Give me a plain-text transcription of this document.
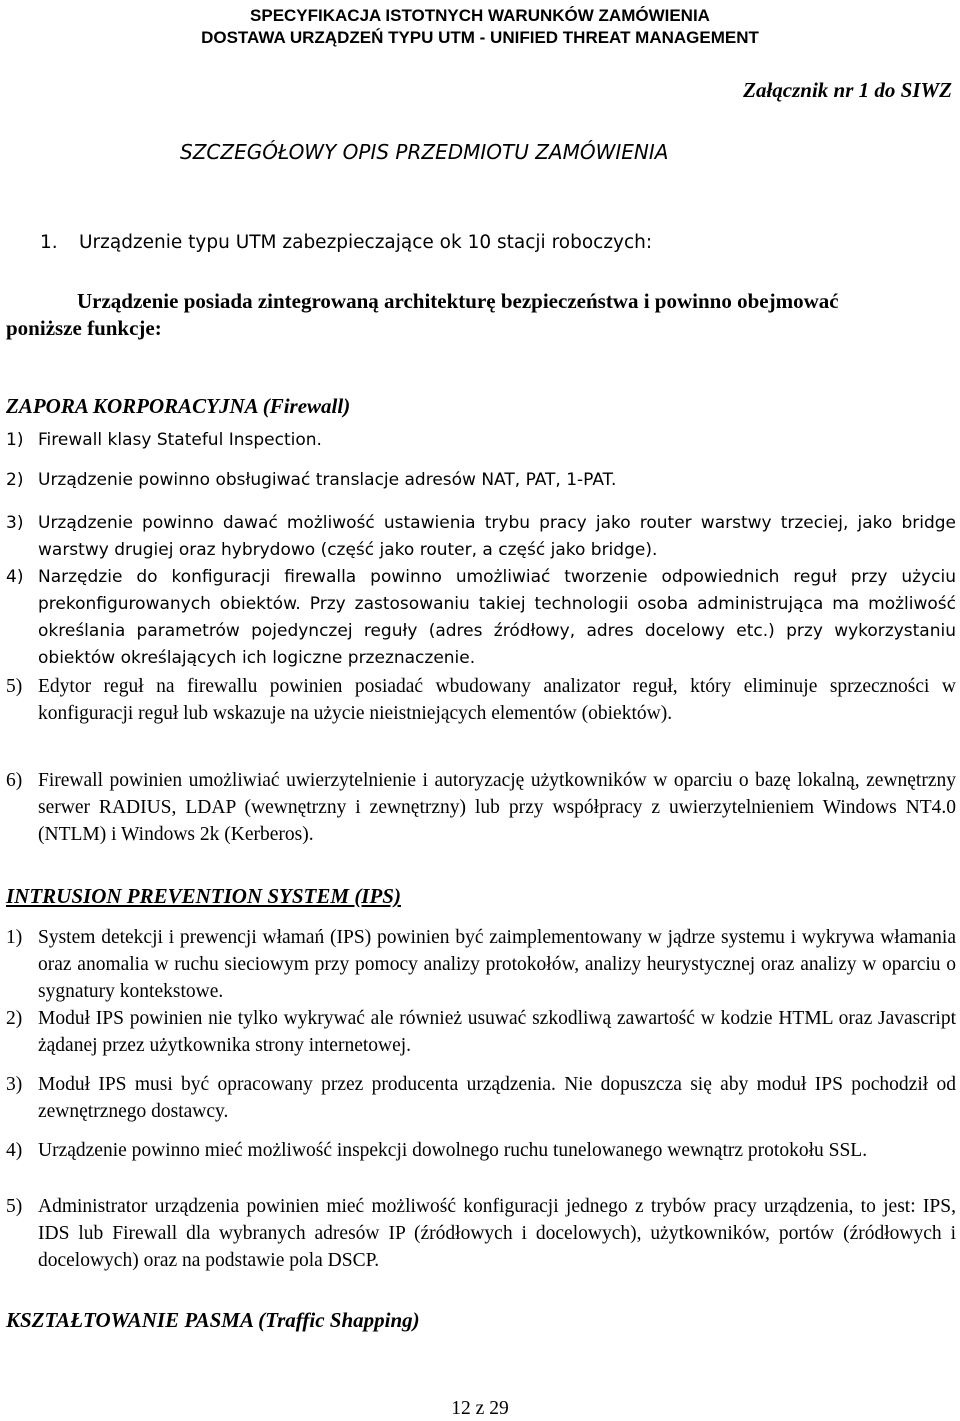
SPECYFIKACJA ISTOTNYCH WARUNKÓW ZAMÓWIENIA
DOSTAWA URZĄDZEŃ TYPU UTM - UNIFIED THREAT MANAGEMENT
Załącznik nr 1 do SIWZ
SZCZEGÓŁOWY OPIS PRZEDMIOTU ZAMÓWIENIA
1. Urządzenie typu UTM zabezpieczające ok 10 stacji roboczych:
Urządzenie posiada zintegrowaną architekturę bezpieczeństwa i powinno obejmować
poniższe funkcje:
ZAPORA KORPORACYJNA (Firewall)
1) Firewall klasy Stateful Inspection.
2) Urządzenie powinno obsługiwać translacje adresów NAT, PAT, 1-PAT.
3) Urządzenie powinno dawać możliwość ustawienia trybu pracy jako router warstwy trzeciej, jako bridge warstwy drugiej oraz hybrydowo (część jako router, a część jako bridge).
4) Narzędzie do konfiguracji firewalla powinno umożliwiać tworzenie odpowiednich reguł przy użyciu prekonfigurowanych obiektów. Przy zastosowaniu takiej technologii osoba administrująca ma możliwość określania parametrów pojedynczej reguły (adres źródłowy, adres docelowy etc.) przy wykorzystaniu obiektów określających ich logiczne przeznaczenie.
5) Edytor reguł na firewallu powinien posiadać wbudowany analizator reguł, który eliminuje sprzeczności w konfiguracji reguł lub wskazuje na użycie nieistniejących elementów (obiektów).
6) Firewall powinien umożliwiać uwierzytelnienie i autoryzację użytkowników w oparciu o bazę lokalną, zewnętrzny serwer RADIUS, LDAP (wewnętrzny i zewnętrzny) lub przy współpracy z uwierzytelnieniem Windows NT4.0 (NTLM) i Windows 2k (Kerberos).
INTRUSION PREVENTION SYSTEM (IPS)
1) System detekcji i prewencji włamań (IPS) powinien być zaimplementowany w jądrze systemu i wykrywa włamania oraz anomalia w ruchu sieciowym przy pomocy analizy protokołów, analizy heurystycznej oraz analizy w oparciu o sygnatury kontekstowe.
2) Moduł IPS powinien nie tylko wykrywać ale również usuwać szkodliwą zawartość w kodzie HTML oraz Javascript żądanej przez użytkownika strony internetowej.
3) Moduł IPS musi być opracowany przez producenta urządzenia. Nie dopuszcza się aby moduł IPS pochodził od zewnętrznego dostawcy.
4) Urządzenie powinno mieć możliwość inspekcji dowolnego ruchu tunelowanego wewnątrz protokołu SSL.
5) Administrator urządzenia powinien mieć możliwość konfiguracji jednego z trybów pracy urządzenia, to jest: IPS, IDS lub Firewall dla wybranych adresów IP (źródłowych i docelowych), użytkowników, portów (źródłowych i docelowych) oraz na podstawie pola DSCP.
KSZTAŁTOWANIE PASMA (Traffic Shapping)
12 z 29
